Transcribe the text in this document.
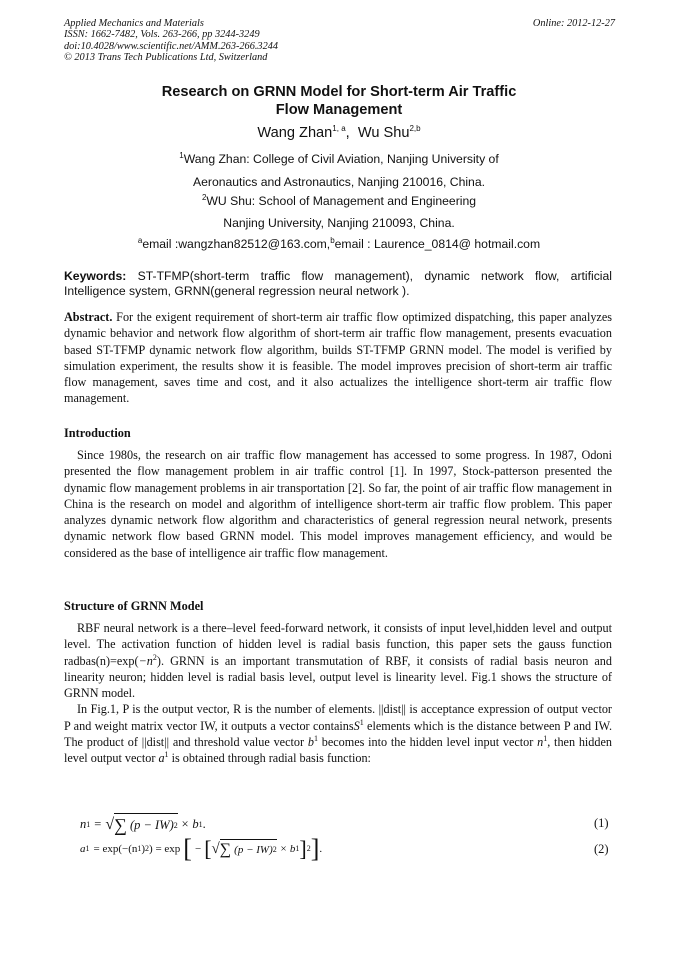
Applied Mechanics and Materials
ISSN: 1662-7482, Vols. 263-266, pp 3244-3249
doi:10.4028/www.scientific.net/AMM.263-266.3244
© 2013 Trans Tech Publications Ltd, Switzerland
Online: 2012-12-27
Research on GRNN Model for Short-term Air Traffic
Flow Management
Wang Zhan$^{1, a}$,  Wu Shu$^{2,b}$
$^1$Wang Zhan: College of Civil Aviation, Nanjing University of
Aeronautics and Astronautics, Nanjing 210016, China.
$^2$WU Shu: School of Management and Engineering
Nanjing University, Nanjing 210093, China.
$^a$email :wangzhan82512@163.com,$^b$email : Laurence_0814@ hotmail.com
Keywords: ST-TFMP(short-term traffic flow management), dynamic network flow, artificial Intelligence system, GRNN(general regression neural network ).
Abstract. For the exigent requirement of short-term air traffic flow optimized dispatching, this paper analyzes dynamic behavior and network flow algorithm of short-term air traffic flow management, presents evacuation based ST-TFMP dynamic network flow algorithm, builds ST-TFMP GRNN model. The model is verified by simulation experiment, the results show it is feasible. The model improves precision of short-term air traffic flow management, saves time and cost, and it also actualizes the intelligence short-term air traffic flow management.
Introduction

Since 1980s, the research on air traffic flow management has accessed to some progress. In 1987, Odoni presented the flow management problem in air traffic control [1]. In 1997, Stock-patterson presented the dynamic flow management problems in air transportation [2]. So far, the point of air traffic flow management in China is the research on model and algorithm of intelligence short-term air traffic flow problem. This paper analyzes dynamic network flow algorithm and characteristics of general regression neural network, presents dynamic network flow based GRNN model. This model improves management efficiency, and would be considered as the base of intelligence air traffic flow management.

Structure of GRNN Model

RBF neural network is a there–level feed-forward network, it consists of input level,hidden level and output level. The activation function of hidden level is radial basis function, this paper sets the gauss function $radbas(n)=\exp(-n^2)$. GRNN is an important transmutation of RBF, it consists of radial basis neuron and linearity neuron; hidden level is radial basis level, output level is linearity level. Fig.1 shows the structure of GRNN model.

In Fig.1, P is the output vector, R is the number of elements. ||dist|| is acceptance expression of output vector P and weight matrix vector IW, it outputs a vector containsS$^1$ elements which is the distance between P and IW. The product of ||dist|| and threshold value vector $b^1$ becomes into the hidden level input vector $n^1$, then hidden level output vector $a^1$ is obtained through radial basis function:

n 1 = √ ∑ (p − IW) 2 × b 1 .	(1)
a 1 = exp(−(n 1 ) 2 ) = exp [ − [ √ ∑ (p − IW) 2 × b 1 ] 2 ] .	(2)
